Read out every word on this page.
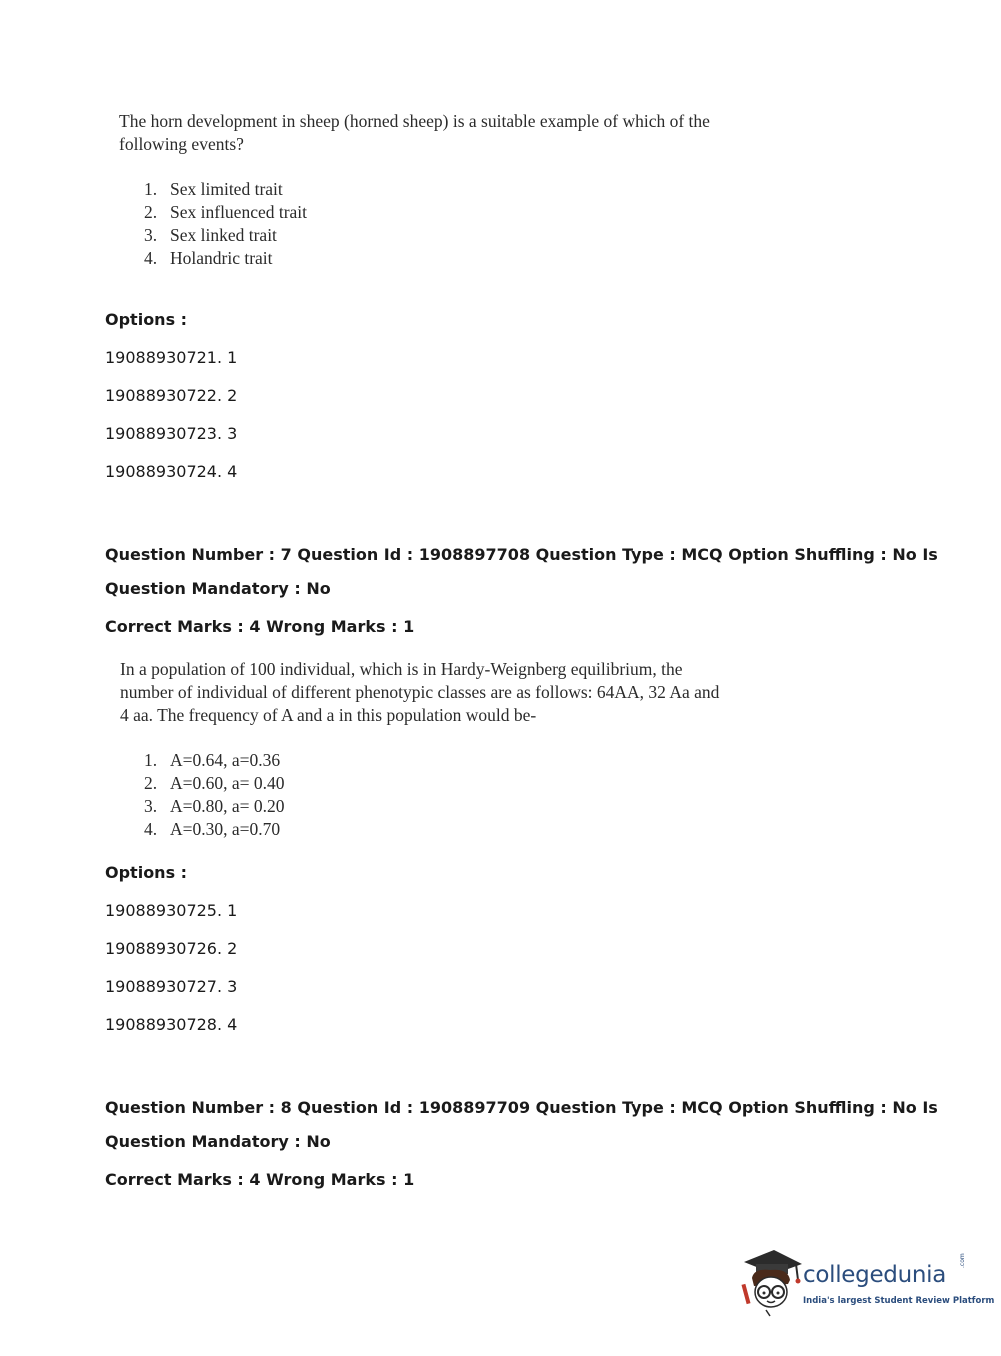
The horn development in sheep (horned sheep) is a suitable example of which of the following events?

1. Sex limited trait
2. Sex influenced trait
3. Sex linked trait
4. Holandric trait

Options :

19088930721. 1

19088930722. 2

19088930723. 3

19088930724. 4

Question Number : 7 Question Id : 1908897708 Question Type : MCQ Option Shuffling : No Is

Question Mandatory : No

Correct Marks : 4 Wrong Marks : 1

In a population of 100 individual, which is in Hardy-Weignberg equilibrium, the number of individual of different phenotypic classes are as follows: 64AA, 32 Aa and 4 aa. The frequency of A and a in this population would be-

1. A=0.64, a=0.36
2. A=0.60, a= 0.40
3. A=0.80, a= 0.20
4. A=0.30, a=0.70

Options :

19088930725. 1

19088930726. 2

19088930727. 3

19088930728. 4

Question Number : 8 Question Id : 1908897709 Question Type : MCQ Option Shuffling : No Is

Question Mandatory : No

Correct Marks : 4 Wrong Marks : 1

collegedunia
.com
India's largest Student Review Platform
